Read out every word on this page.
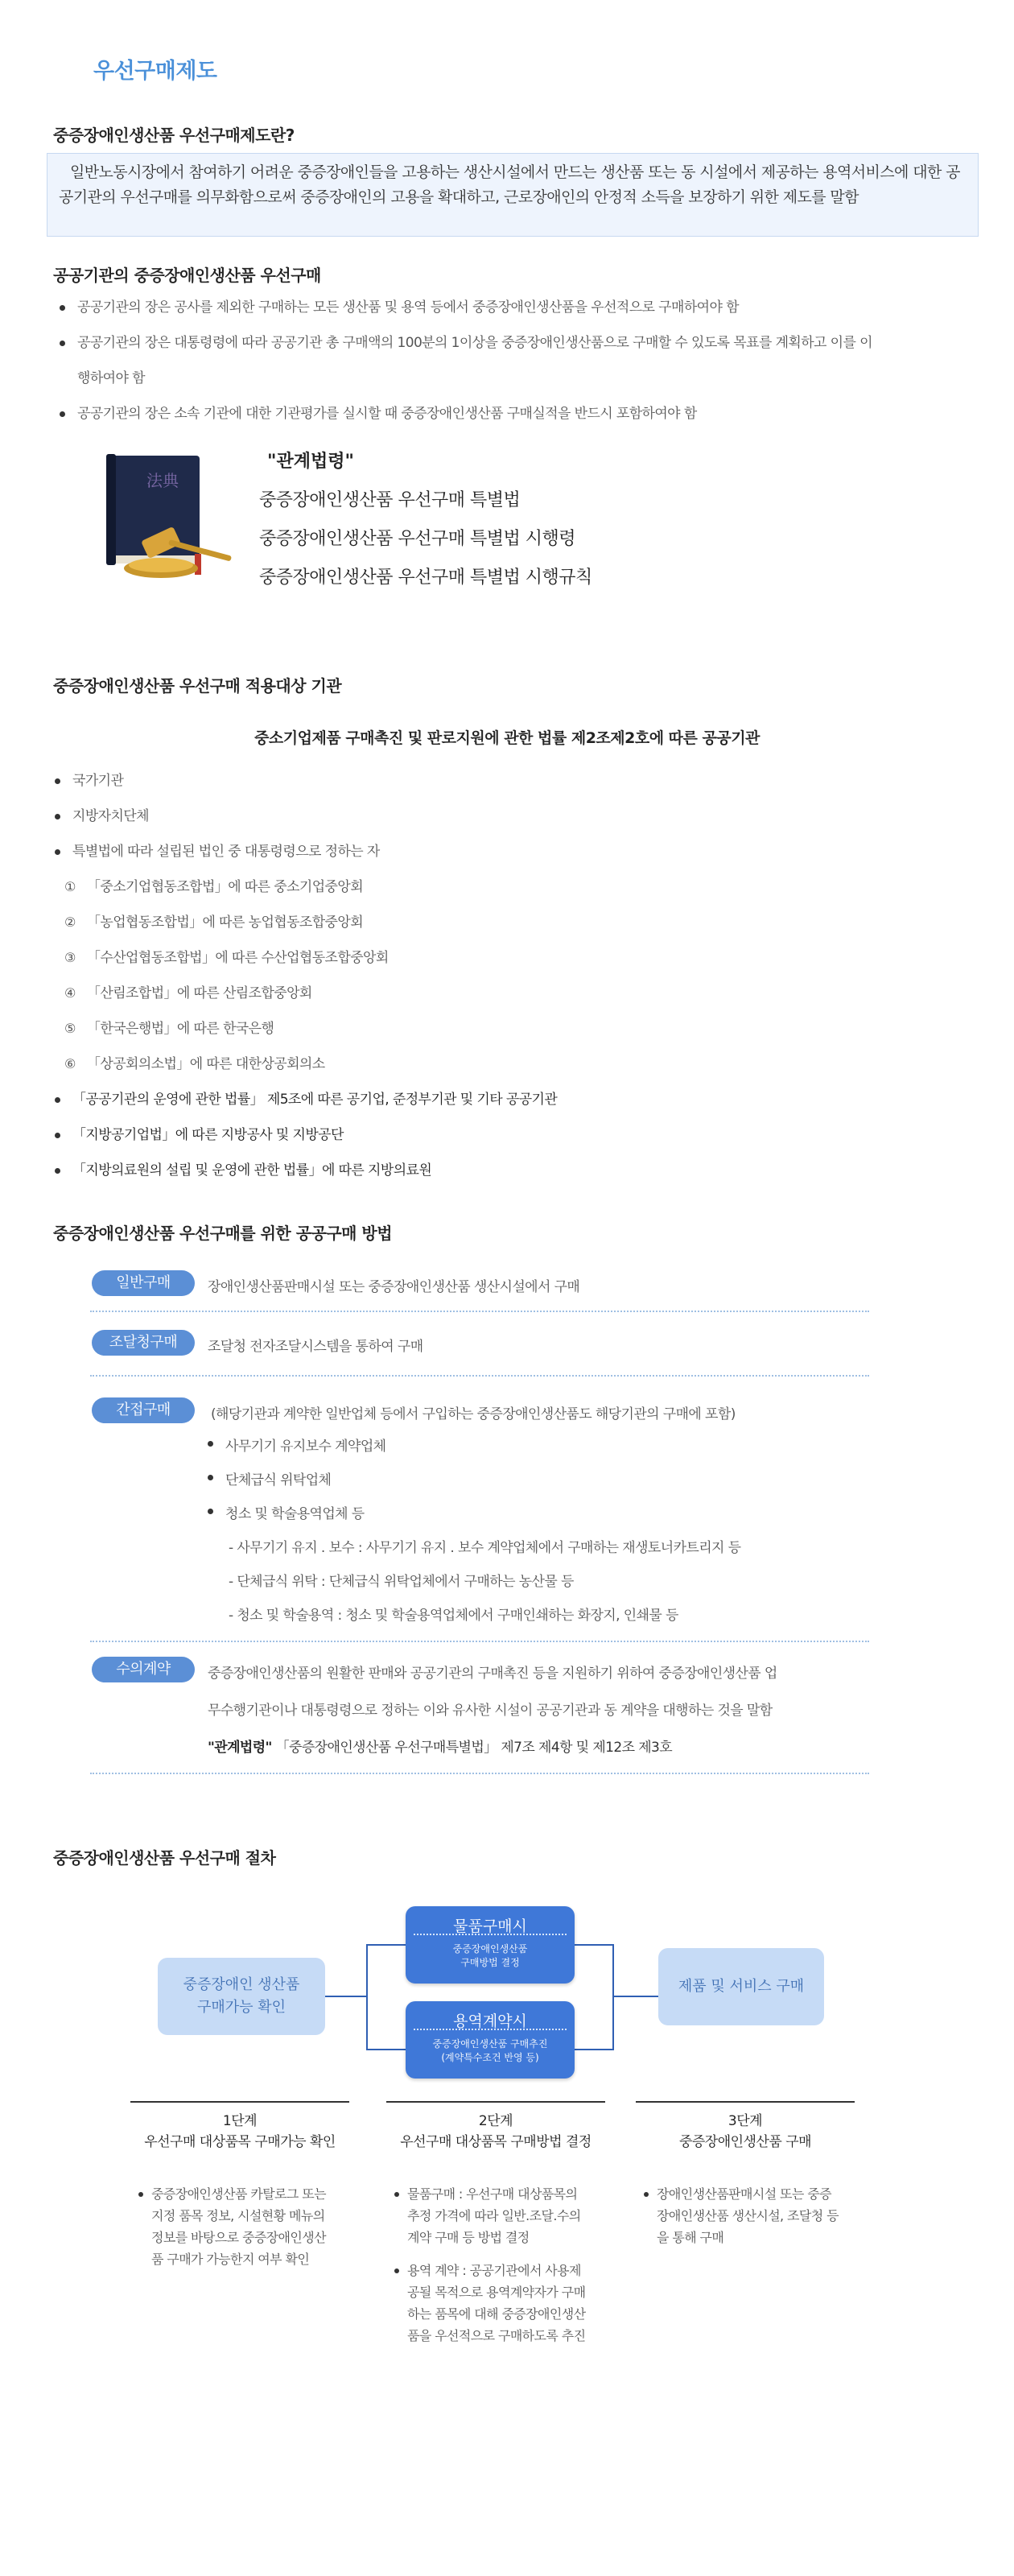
우선구매제도
중증장애인생산품 우선구매제도란?
일반노동시장에서 참여하기 어려운 중증장애인들을 고용하는 생산시설에서 만드는 생산품 또는 동 시설에서 제공하는 용역서비스에 대한 공공기관의 우선구매를 의무화함으로써 중증장애인의 고용을 확대하고, 근로장애인의 안정적 소득을 보장하기 위한 제도를 말함
공공기관의 중증장애인생산품 우선구매
공공기관의 장은 공사를 제외한 구매하는 모든 생산품 및 용역 등에서 중증장애인생산품을 우선적으로 구매하여야 함
공공기관의 장은 대통령령에 따라 공공기관 총 구매액의 100분의 1이상을 중증장애인생산품으로 구매할 수 있도록 목표를 계획하고 이를 이
행하여야 함
공공기관의 장은 소속 기관에 대한 기관평가를 실시할 때 중증장애인생산품 구매실적을 반드시 포함하여야 함
法典
"관계법령"
중증장애인생산품 우선구매 특별법
중증장애인생산품 우선구매 특별법 시행령
중증장애인생산품 우선구매 특별법 시행규칙
중증장애인생산품 우선구매 적용대상 기관
중소기업제품 구매촉진 및 판로지원에 관한 법률 제2조제2호에 따른 공공기관
국가기관
지방자치단체
특별법에 따라 설립된 법인 중 대통령령으로 정하는 자
① 「중소기업협동조합법」에 따른 중소기업중앙회
② 「농업협동조합법」에 따른 농업협동조합중앙회
③ 「수산업협동조합법」에 따른 수산업협동조합중앙회
④ 「산림조합법」에 따른 산림조합중앙회
⑤ 「한국은행법」에 따른 한국은행
⑥ 「상공회의소법」에 따른 대한상공회의소
「공공기관의 운영에 관한 법률」 제5조에 따른 공기업, 준정부기관 및 기타 공공기관
「지방공기업법」에 따른 지방공사 및 지방공단
「지방의료원의 설립 및 운영에 관한 법률」에 따른 지방의료원
중증장애인생산품 우선구매를 위한 공공구매 방법
일반구매	장애인생산품판매시설 또는 중증장애인생산품 생산시설에서 구매
조달청구매	조달청 전자조달시스템을 통하여 구매
간접구매	(해당기관과 계약한 일반업체 등에서 구입하는 중증장애인생산품도 해당기관의 구매에 포함)
사무기기 유지보수 계약업체
단체급식 위탁업체
청소 및 학술용역업체 등
- 사무기기 유지 . 보수 : 사무기기 유지 . 보수 계약업체에서 구매하는 재생토너카트리지 등
- 단체급식 위탁 : 단체급식 위탁업체에서 구매하는 농산물 등
- 청소 및 학술용역 : 청소 및 학술용역업체에서 구매인쇄하는 화장지, 인쇄물 등
수의계약	중증장애인생산품의 원활한 판매와 공공기관의 구매촉진 등을 지원하기 위하여 중증장애인생산품 업
무수행기관이나 대통령령으로 정하는 이와 유사한 시설이 공공기관과 동 계약을 대행하는 것을 말함
"관계법령" 「중증장애인생산품 우선구매특별법」 제7조 제4항 및 제12조 제3호
중증장애인생산품 우선구매 절차
중증장애인 생산품
구매가능 확인
물품구매시
중증장애인생산품
구매방법 결정
용역계약시
중증장애인생산품 구매추진
(계약특수조건 반영 등)
제품 및 서비스 구매
1단계
우선구매 대상품목 구매가능 확인
2단계
우선구매 대상품목 구매방법 결정
3단계
중증장애인생산품 구매
중증장애인생산품 카탈로그 또는
지정 품목 정보, 시설현황 메뉴의
정보를 바탕으로 중증장애인생산
품 구매가 가능한지 여부 확인
물품구매 : 우선구매 대상품목의
추정 가격에 따라 일반.조달.수의
계약 구매 등 방법 결정
용역 계약 : 공공기관에서 사용제
공될 목적으로 용역계약자가 구매
하는 품목에 대해 중증장애인생산
품을 우선적으로 구매하도록 추진
장애인생산품판매시설 또는 중증
장애인생산품 생산시설, 조달청 등
을 통해 구매
